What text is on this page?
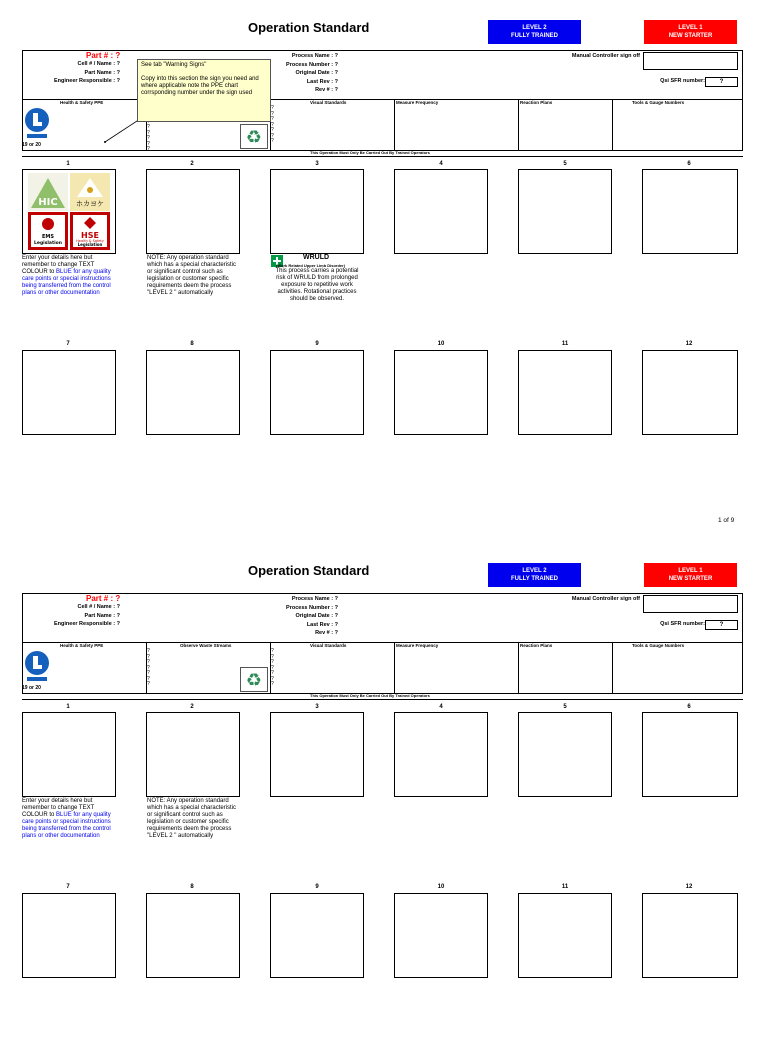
Operation Standard	LEVEL 2
FULLY TRAINED
LEVEL 1
NEW STARTER
Part # : ?
Cell # / Name : ?
Part Name : ?
Engineer Responsible : ?
Process Name : ?
Process Number : ?
Original Date : ?
Last Rev : ?
Rev # : ?
Manual Controller sign off
Qsi SFR number:	?
Health & Safety PPE	Visual Standards	Measure Frequency	Reaction Plans	Tools & Gauge Numbers
19 or 20

?
?
?
?
?
?
?
?
?
?
?
?
♻
This Operation Must Only Be Carried Out By Trained Operators
See tab "Warning Signs"

Copy into this section the sign you need and where applicable note the PPE chart corrsponding number under the sign used
1	2	3	4	5	6
HIC	ホカヨケ
EMS
Legislation
HSE
Health & Safety
Legislation
Enter your details here but remember to change TEXT COLOUR to BLUE for any quality care points or special instructions being transferred from the control plans or other documentation
NOTE: Any operation standard which has a special characteristic or significant control such as legislation or customer specific requirements deem the process "LEVEL 2 " automatically
WRULD
(Work Related Upper Limb Disorder)
This process carries a potential risk of WRULD from prolonged exposure to repetitive work activities. Rotational practices should be observed.
7	8	9	10	11	12
1 of 9
Operation Standard	LEVEL 2
FULLY TRAINED
LEVEL 1
NEW STARTER
Part # : ?
Cell # / Name : ?
Part Name : ?
Engineer Responsible : ?
Process Name : ?
Process Number : ?
Original Date : ?
Last Rev : ?
Rev # : ?
Manual Controller sign off
Qsi SFR number:	?
Health & Safety PPE	Observe Waste Streams	Visual Standards	Measure Frequency	Reaction Plans	Tools & Gauge Numbers
19 or 20
?
?
?
?
?
?
?
?
?
?
?
?
?
?
♻
This Operation Must Only Be Carried Out By Trained Operators
1	2	3	4	5	6
Enter your details here but remember to change TEXT COLOUR to BLUE for any quality care points or special instructions being transferred from the control plans or other documentation
NOTE: Any operation standard which has a special characteristic or significant control such as legislation or customer specific requirements deem the process "LEVEL 2 " automatically
7	8	9	10	11	12
